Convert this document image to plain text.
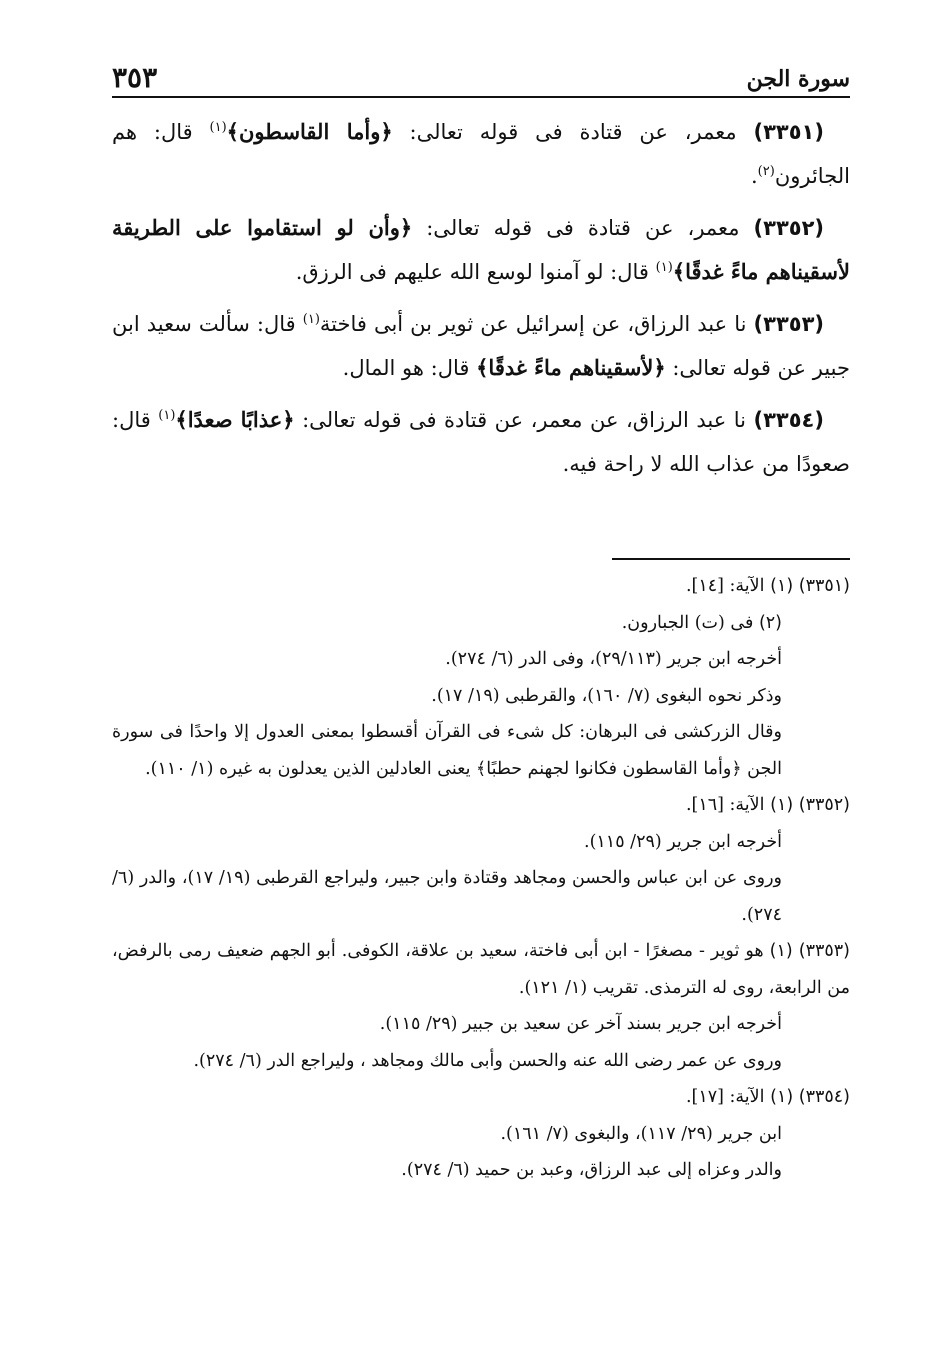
سورة الجن
٣٥٣

(٣٣٥١) معمر، عن قتادة فى قوله تعالى: ﴿وأما القاسطون﴾$^{(١)}$ قال: هم الجائرون$^{(٢)}$.

(٣٣٥٢) معمر، عن قتادة فى قوله تعالى: ﴿وأن لو استقاموا على الطريقة لأسقيناهم ماءً غدقًا﴾$^{(١)}$ قال: لو آمنوا لوسع الله عليهم فى الرزق.

(٣٣٥٣) نا عبد الرزاق، عن إسرائيل عن ثوير بن أبى فاختة$^{(١)}$ قال: سألت سعيد ابن جبير عن قوله تعالى: ﴿لأسقيناهم ماءً غدقًا﴾ قال: هو المال.

(٣٣٥٤) نا عبد الرزاق، عن معمر، عن قتادة فى قوله تعالى: ﴿عذابًا صعدًا﴾$^{(١)}$ قال: صعودًا من عذاب الله لا راحة فيه.

(٣٣٥١) (١) الآية: [١٤].

(٢) فى (ت) الجبارون.

أخرجه ابن جرير (٢٩/١١٣)، وفى الدر (٦/ ٢٧٤).

وذكر نحوه البغوى (٧/ ١٦٠)، والقرطبى (١٩/ ١٧).

وقال الزركشى فى البرهان: كل شىء فى القرآن أقسطوا بمعنى العدول إلا واحدًا فى سورة الجن ﴿وأما القاسطون فكانوا لجهنم حطبًا﴾ يعنى العادلين الذين يعدلون به غيره (١/ ١١٠).

(٣٣٥٢) (١) الآية: [١٦].

أخرجه ابن جرير (٢٩/ ١١٥).

وروى عن ابن عباس والحسن ومجاهد وقتادة وابن جبير، وليراجع القرطبى (١٩/ ١٧)، والدر (٦/ ٢٧٤).

(٣٣٥٣) (١) هو ثوير - مصغرًا - ابن أبى فاختة، سعيد بن علاقة، الكوفى. أبو الجهم ضعيف رمى بالرفض، من الرابعة، روى له الترمذى. تقريب (١/ ١٢١).

أخرجه ابن جرير بسند آخر عن سعيد بن جبير (٢٩/ ١١٥).

وروى عن عمر رضى الله عنه والحسن وأبى مالك ومجاهد ، وليراجع الدر (٦/ ٢٧٤).

(٣٣٥٤) (١) الآية: [١٧].

ابن جرير (٢٩/ ١١٧)، والبغوى (٧/ ١٦١).

والدر وعزاه إلى عبد الرزاق، وعبد بن حميد (٦/ ٢٧٤).
